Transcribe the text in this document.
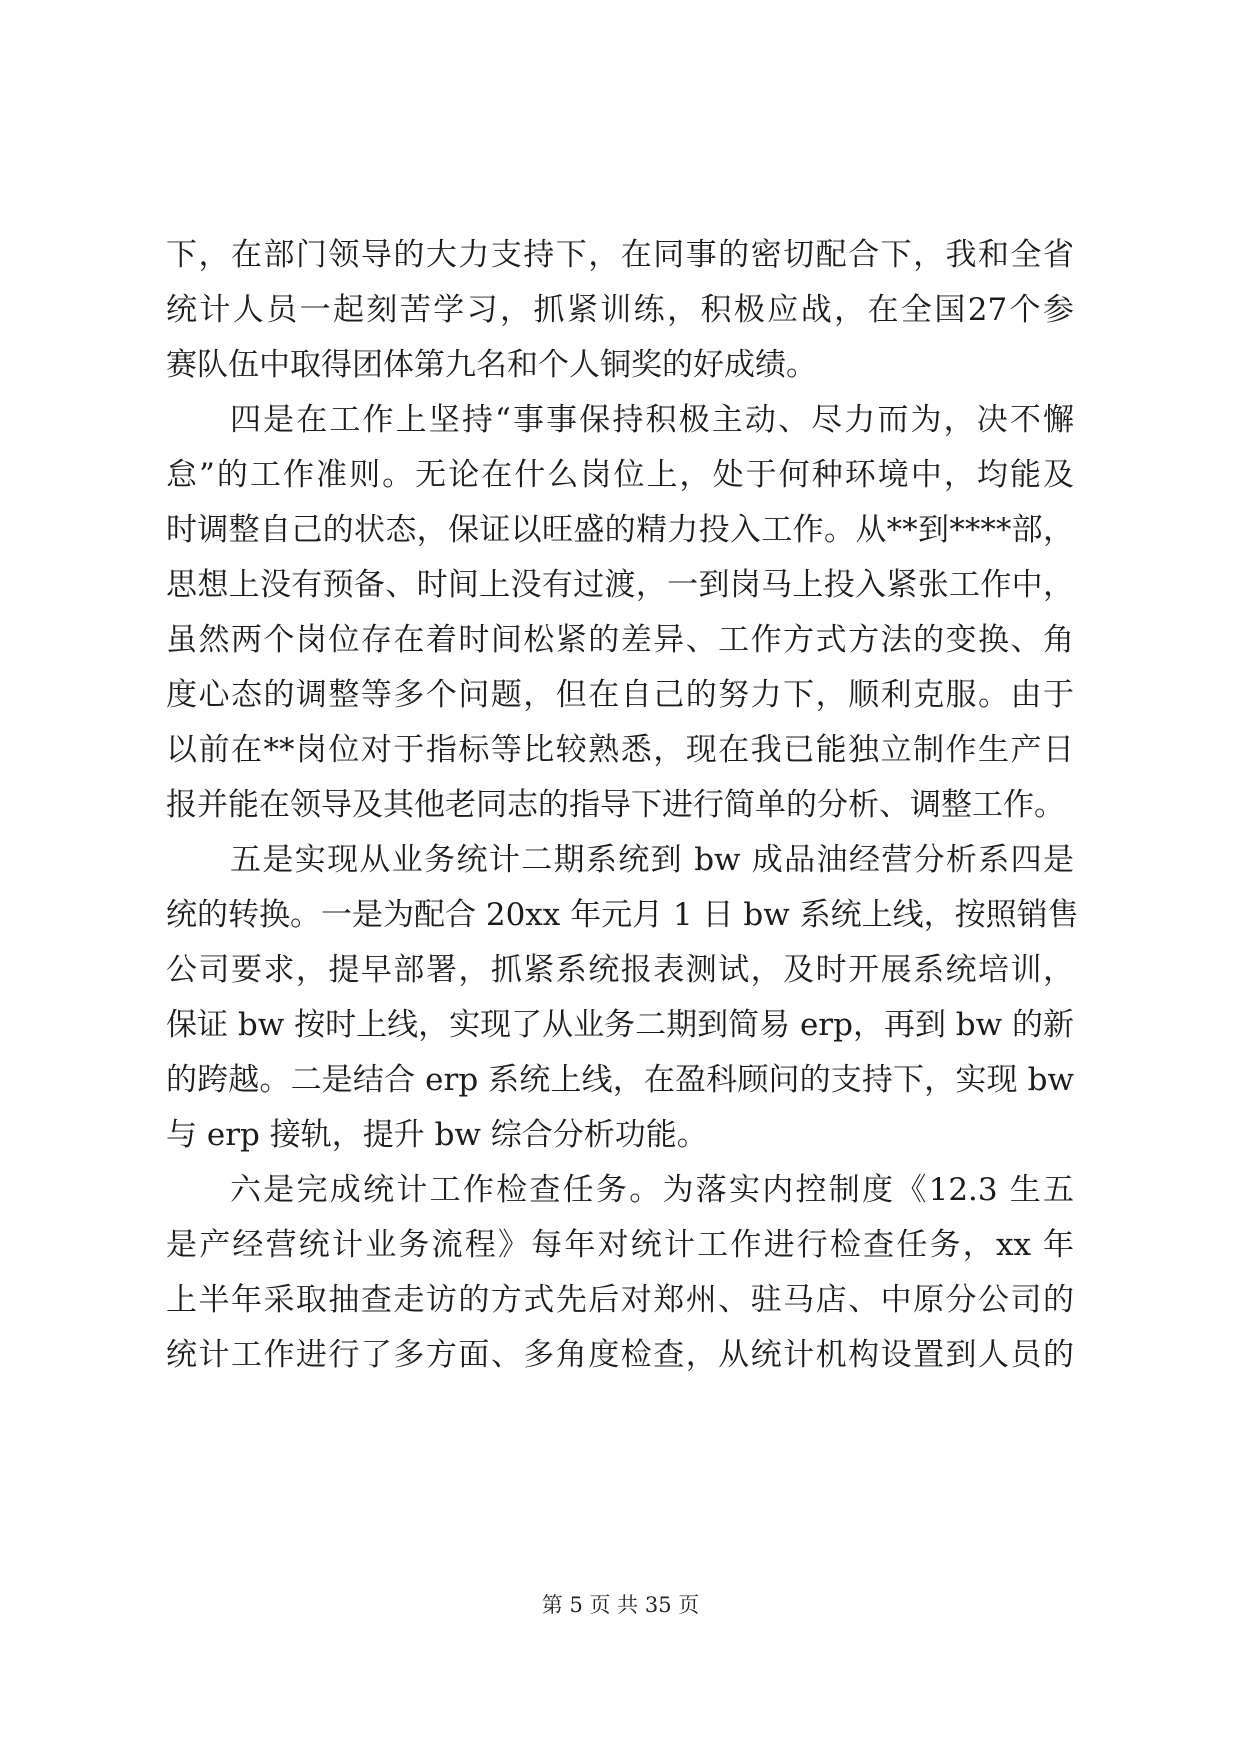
下，在部门领导的大力支持下，在同事的密切配合下，我和全省
统计人员一起刻苦学习，抓紧训练，积极应战，在全国27个参
赛队伍中取得团体第九名和个人铜奖的好成绩。
四是在工作上坚持“事事保持积极主动、尽力而为，决不懈
怠”的工作准则。无论在什么岗位上，处于何种环境中，均能及
时调整自己的状态，保证以旺盛的精力投入工作。从**到****部，
思想上没有预备、时间上没有过渡，一到岗马上投入紧张工作中，
虽然两个岗位存在着时间松紧的差异、工作方式方法的变换、角
度心态的调整等多个问题，但在自己的努力下，顺利克服。由于
以前在**岗位对于指标等比较熟悉，现在我已能独立制作生产日
报并能在领导及其他老同志的指导下进行简单的分析、调整工作。
五是实现从业务统计二期系统到 bw 成品油经营分析系四是
统的转换。一是为配合 20xx 年元月 1 日 bw 系统上线，按照销售
公司要求，提早部署，抓紧系统报表测试，及时开展系统培训，
保证 bw 按时上线，实现了从业务二期到简易 erp，再到 bw 的新
的跨越。二是结合 erp 系统上线，在盈科顾问的支持下，实现 bw
与 erp 接轨，提升 bw 综合分析功能。
六是完成统计工作检查任务。为落实内控制度《12.3 生五
是产经营统计业务流程》每年对统计工作进行检查任务，xx 年
上半年采取抽查走访的方式先后对郑州、驻马店、中原分公司的
统计工作进行了多方面、多角度检查，从统计机构设置到人员的
第 5 页 共 35 页
